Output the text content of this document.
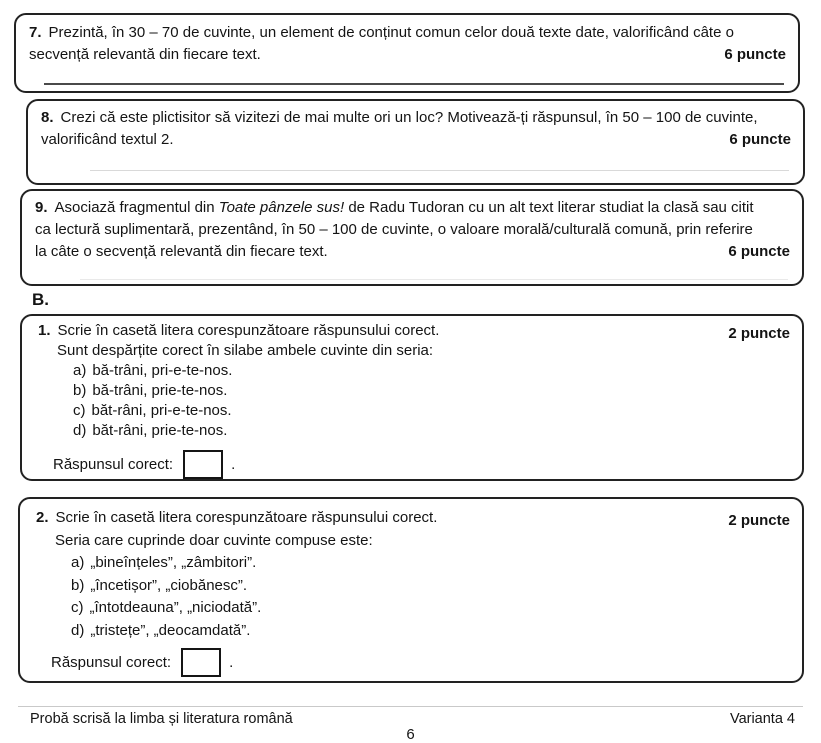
7. Prezintă, în 30 – 70 de cuvinte, un element de conținut comun celor două texte date, valorificând câte o
secvență relevantă din fiecare text.	6 puncte
8. Crezi că este plictisitor să vizitezi de mai multe ori un loc? Motivează-ți răspunsul, în 50 – 100 de cuvinte,
valorificând textul 2.	6 puncte
9. Asociază fragmentul din Toate pânzele sus! de Radu Tudoran cu un alt text literar studiat la clasă sau citit
ca lectură suplimentară, prezentând, în 50 – 100 de cuvinte, o valoare morală/culturală comună, prin referire
la câte o secvență relevantă din fiecare text.	6 puncte
B.
1. Scrie în casetă litera corespunzătoare răspunsului corect.	2 puncte
Sunt despărțite corect în silabe ambele cuvinte din seria:
a) bă-trâni, pri-e-te-nos.
b) bă-trâni, prie-te-nos.
c) băt-râni, pri-e-te-nos.
d) băt-râni, prie-te-nos.
Răspunsul corect:	.
2. Scrie în casetă litera corespunzătoare răspunsului corect.	2 puncte
Seria care cuprinde doar cuvinte compuse este:
a) „bineînțeles”, „zâmbitori”.
b) „încetișor”, „ciobănesc”.
c) „întotdeauna”, „niciodată”.
d) „tristețe”, „deocamdată”.
Răspunsul corect:	.
Probă scrisă la limba și literatura română	Varianta 4
6
